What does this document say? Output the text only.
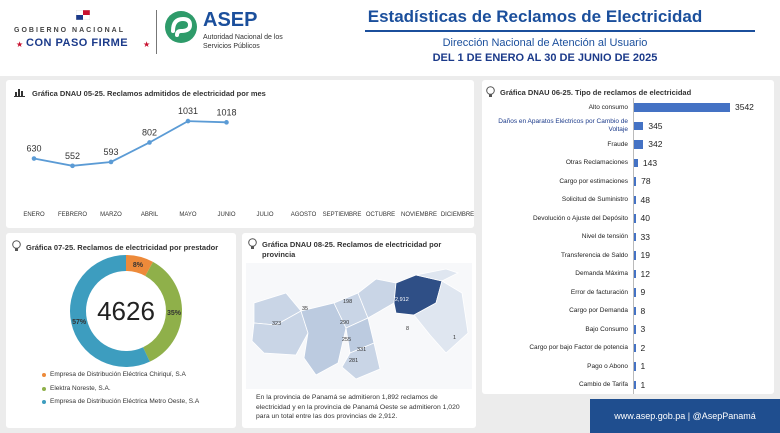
GOBIERNO NACIONAL
★ CON PASO FIRME ★
ASEP
Autoridad Nacional de los Servicios Públicos
Estadísticas de Reclamos de Electricidad
Dirección Nacional de Atención al Usuario
DEL 1 DE ENERO AL 30 DE JUNIO DE 2025
Gráfica DNAU 05-25. Reclamos admitidos de electricidad por mes
630
552	593
802
1031 1018
ENERO FEBRERO MARZO	ABRIL	MAYO	JUNIO	JULIO	AGOSTO SEPTIEMBRE OCTUBRE NOVIEMBRE DICIEMBRE
Gráfica 07-25. Reclamos de electricidad por prestador
8%
35%
57% 4626
Empresa de Distribución Eléctrica Chiriquí, S.A
Elektra Noreste, S.A.
Empresa de Distribución Eléctrica Metro Oeste, S.A
Gráfica DNAU 08-25. Reclamos de electricidad por provincia
35
323
198	2,912
290
255
331
281
8
1
En la provincia de Panamá se admitieron 1,892 reclamos de electricidad y en la provincia de Panamá Oeste se admitieron 1,020 para un total entre las dos provincias de 2,912.
Gráfica DNAU 06-25. Tipo de reclamos de electricidad
Alto consumo	3542
Daños en Aparatos Eléctricos por Cambio de Voltaje 345
Fraude 342
Otras Reclamaciones 143
Cargo por estimaciones 78
Solicitud de Suministro 48
Devolución o Ajuste del Depósito 40
Nivel de tensión 33
Transferencia de Saldo 19
Demanda Máxima 12
Error de facturación 9
Cargo por Demanda 8
Bajo Consumo 3
Cargo por bajo Factor de potencia 2
Pago o Abono 1
Cambio de Tarifa 1
www.asep.gob.pa | @AsepPanamá
